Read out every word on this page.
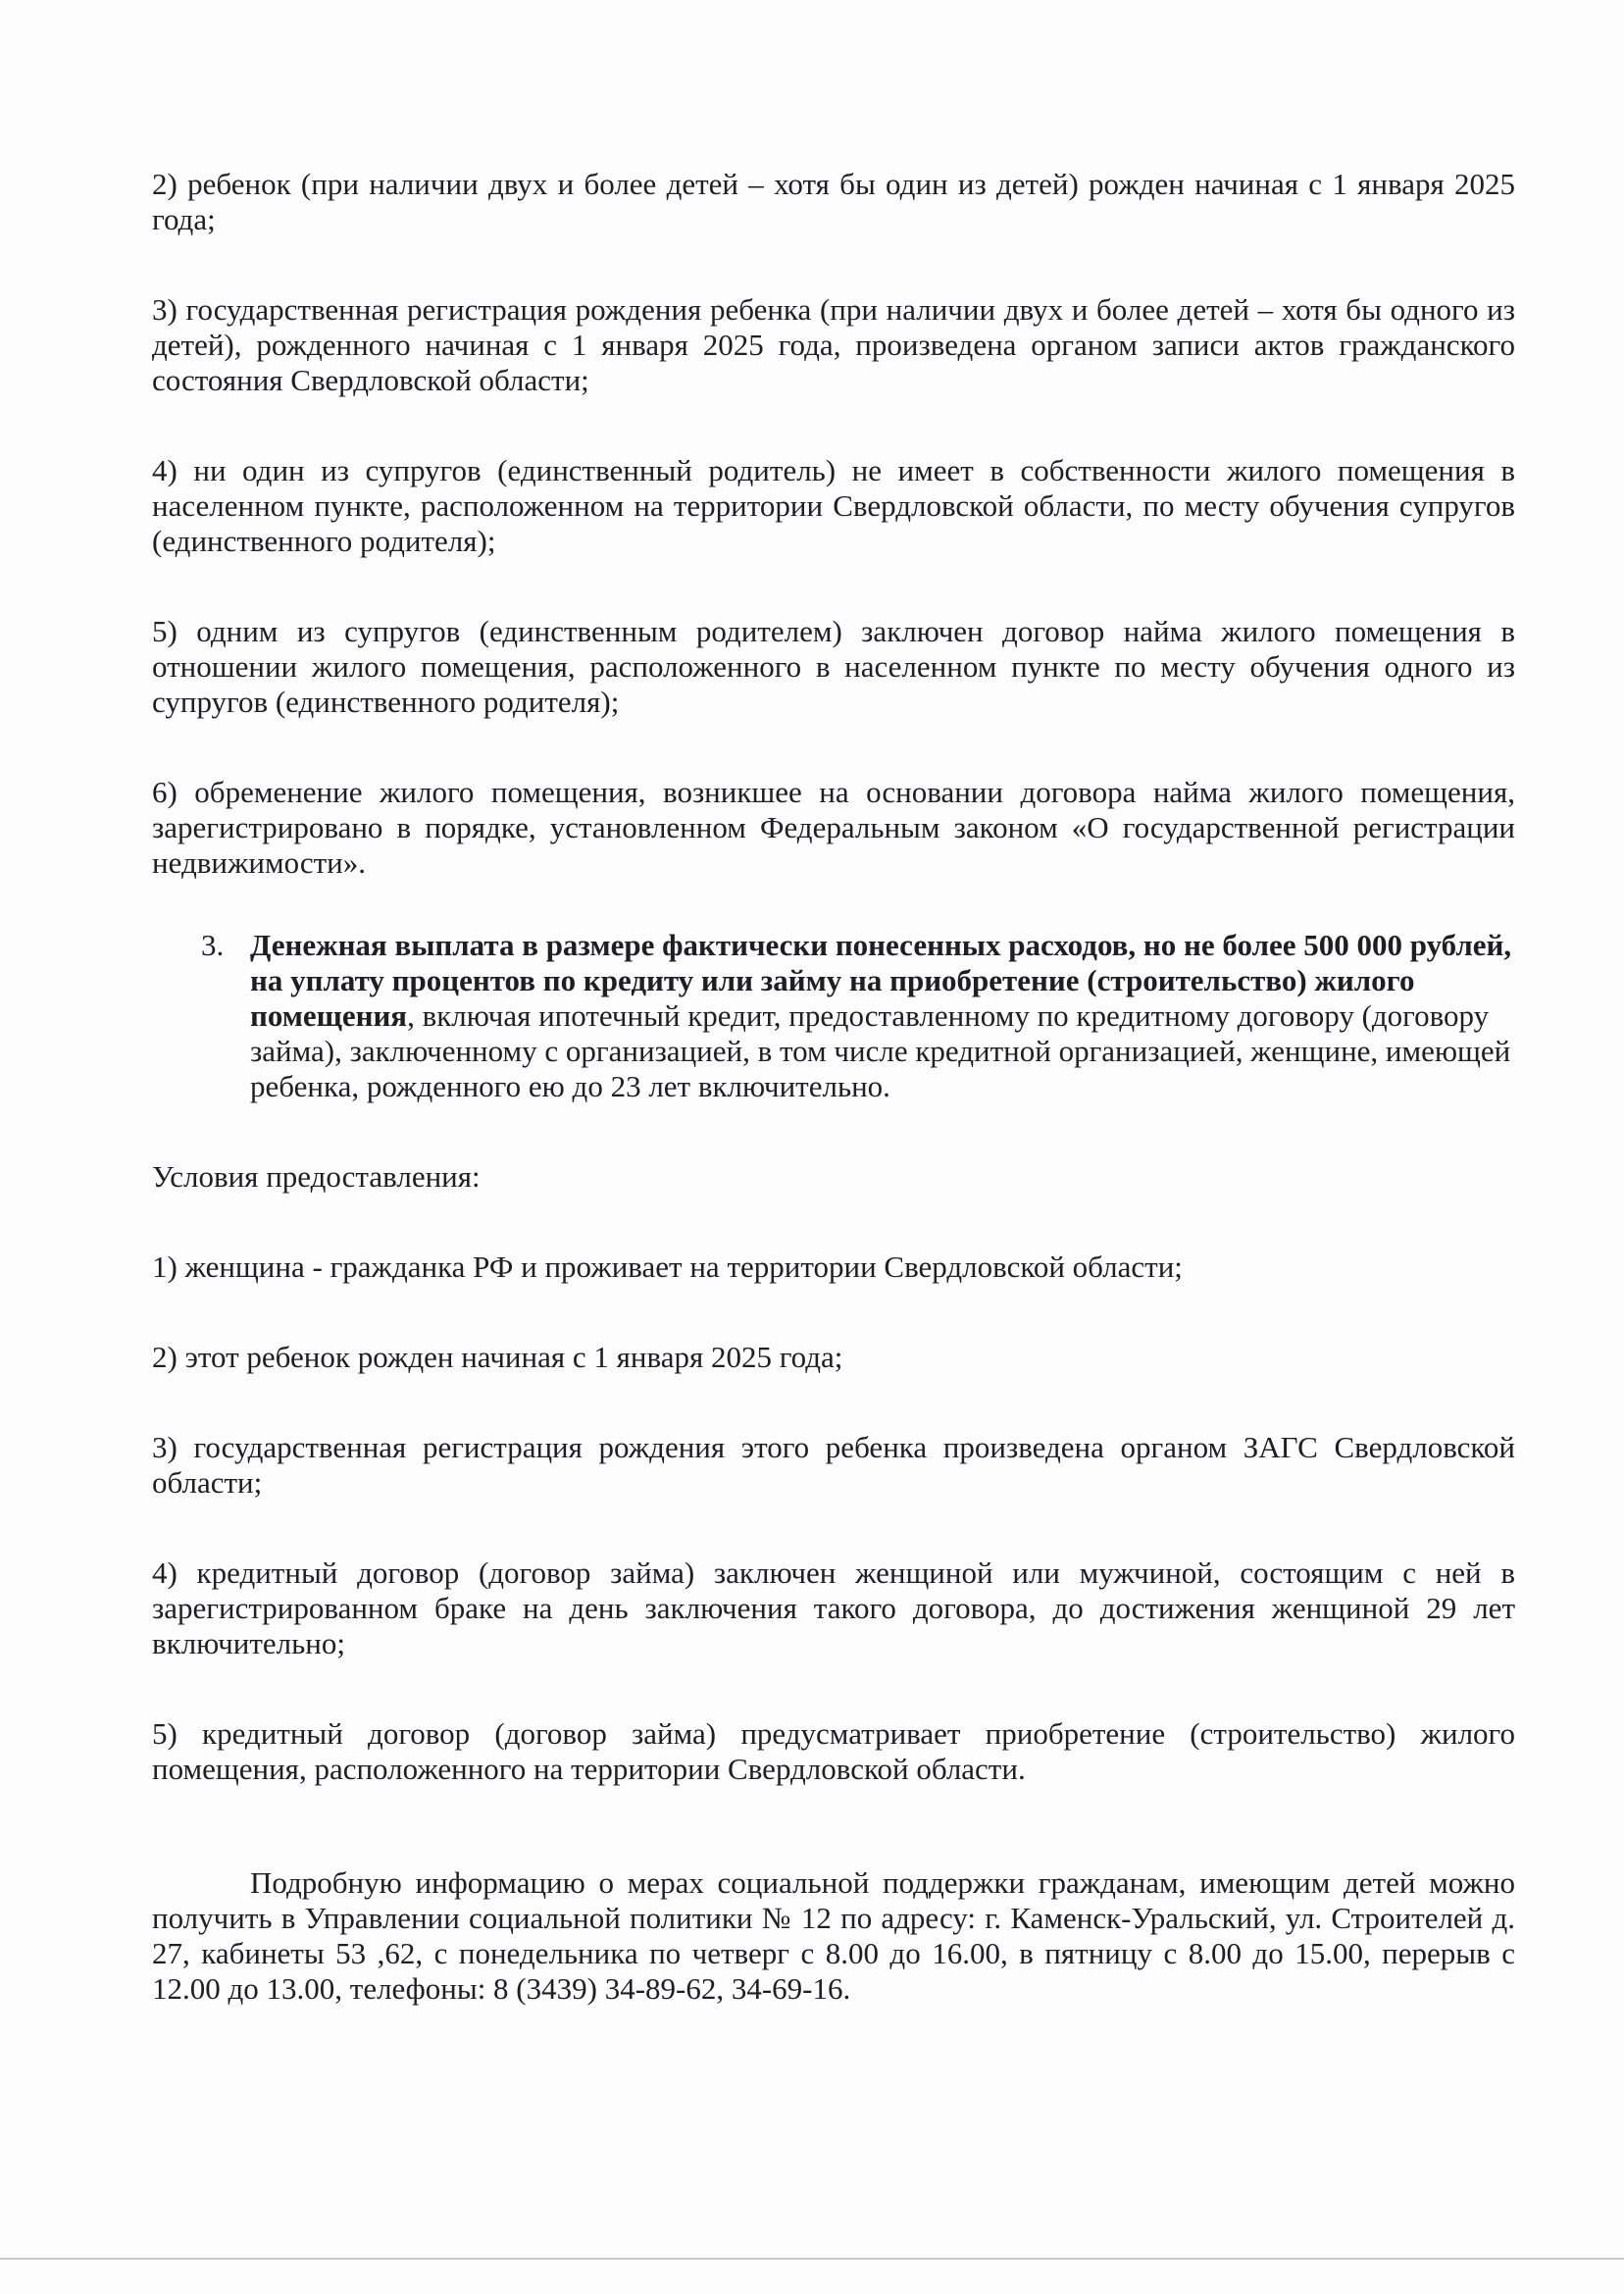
2) ребенок (при наличии двух и более детей – хотя бы один из детей) рожден начиная с 1 января 2025 года;

3) государственная регистрация рождения ребенка (при наличии двух и более детей – хотя бы одного из детей), рожденного начиная с 1 января 2025 года, произведена органом записи актов гражданского состояния Свердловской области;

4) ни один из супругов (единственный родитель) не имеет в собственности жилого помещения в населенном пункте, расположенном на территории Свердловской области, по месту обучения супругов (единственного родителя);

5) одним из супругов (единственным родителем) заключен договор найма жилого помещения в отношении жилого помещения, расположенного в населенном пункте по месту обучения одного из супругов (единственного родителя);

6) обременение жилого помещения, возникшее на основании договора найма жилого помещения, зарегистрировано в порядке, установленном Федеральным законом «О государственной регистрации недвижимости».

3. Денежная выплата в размере фактически понесенных расходов, но не более 500 000 рублей, на уплату процентов по кредиту или займу на приобретение (строительство) жилого помещения, включая ипотечный кредит, предоставленному по кредитному договору (договору займа), заключенному с организацией, в том числе кредитной организацией, женщине, имеющей ребенка, рожденного ею до 23 лет включительно.

Условия предоставления:

1) женщина - гражданка РФ и проживает на территории Свердловской области;

2) этот ребенок рожден начиная с 1 января 2025 года;

3) государственная регистрация рождения этого ребенка произведена органом ЗАГС Свердловской области;

4) кредитный договор (договор займа) заключен женщиной или мужчиной, состоящим с ней в зарегистрированном браке на день заключения такого договора, до достижения женщиной 29 лет включительно;

5) кредитный договор (договор займа) предусматривает приобретение (строительство) жилого помещения, расположенного на территории Свердловской области.

Подробную информацию о мерах социальной поддержки гражданам, имеющим детей можно получить в Управлении социальной политики № 12 по адресу: г. Каменск-Уральский, ул. Строителей д. 27, кабинеты 53 ,62, с понедельника по четверг с 8.00 до 16.00, в пятницу с 8.00 до 15.00, перерыв с 12.00 до 13.00, телефоны: 8 (3439) 34-89-62, 34-69-16.
